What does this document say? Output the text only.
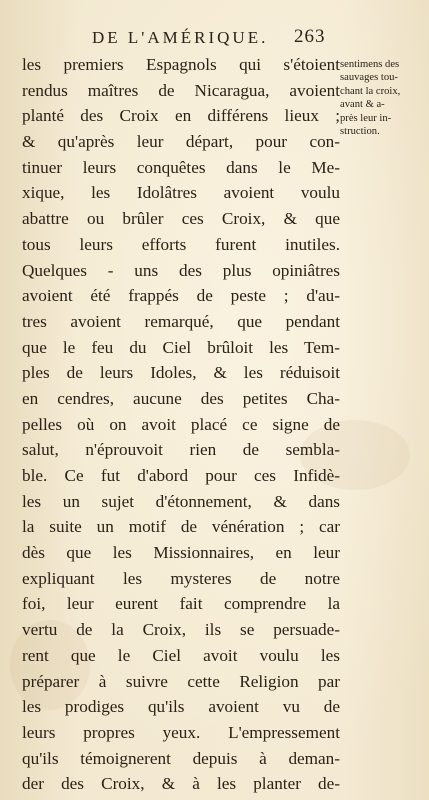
DE L'AMÉRIQUE.	263
les premiers Espagnols qui s'étoient
rendus maîtres de Nicaragua, avoient
planté des Croix en différens lieux ;
& qu'après leur départ, pour con-
tinuer leurs conquêtes dans le Me-
xique, les Idolâtres avoient voulu
abattre ou brûler ces Croix, & que
tous leurs efforts furent inutiles.
Quelques - uns des plus opiniâtres
avoient été frappés de peste ; d'au-
tres avoient remarqué, que pendant
que le feu du Ciel brûloit les Tem-
ples de leurs Idoles, & les réduisoit
en cendres, aucune des petites Cha-
pelles où on avoit placé ce signe de
salut, n'éprouvoit rien de sembla-
ble. Ce fut d'abord pour ces Infidè-
les un sujet d'étonnement, & dans
la suite un motif de vénération ; car
dès que les Missionnaires, en leur
expliquant les mysteres de notre
foi, leur eurent fait comprendre la
vertu de la Croix, ils se persuade-
rent que le Ciel avoit voulu les
préparer à suivre cette Religion par
les prodiges qu'ils avoient vu de
leurs propres yeux. L'empressement
qu'ils témoignerent depuis à deman-
der des Croix, & à les planter de-
sentimens des
sauvages tou-
chant la croix,
avant & a-
près leur in-
struction.
